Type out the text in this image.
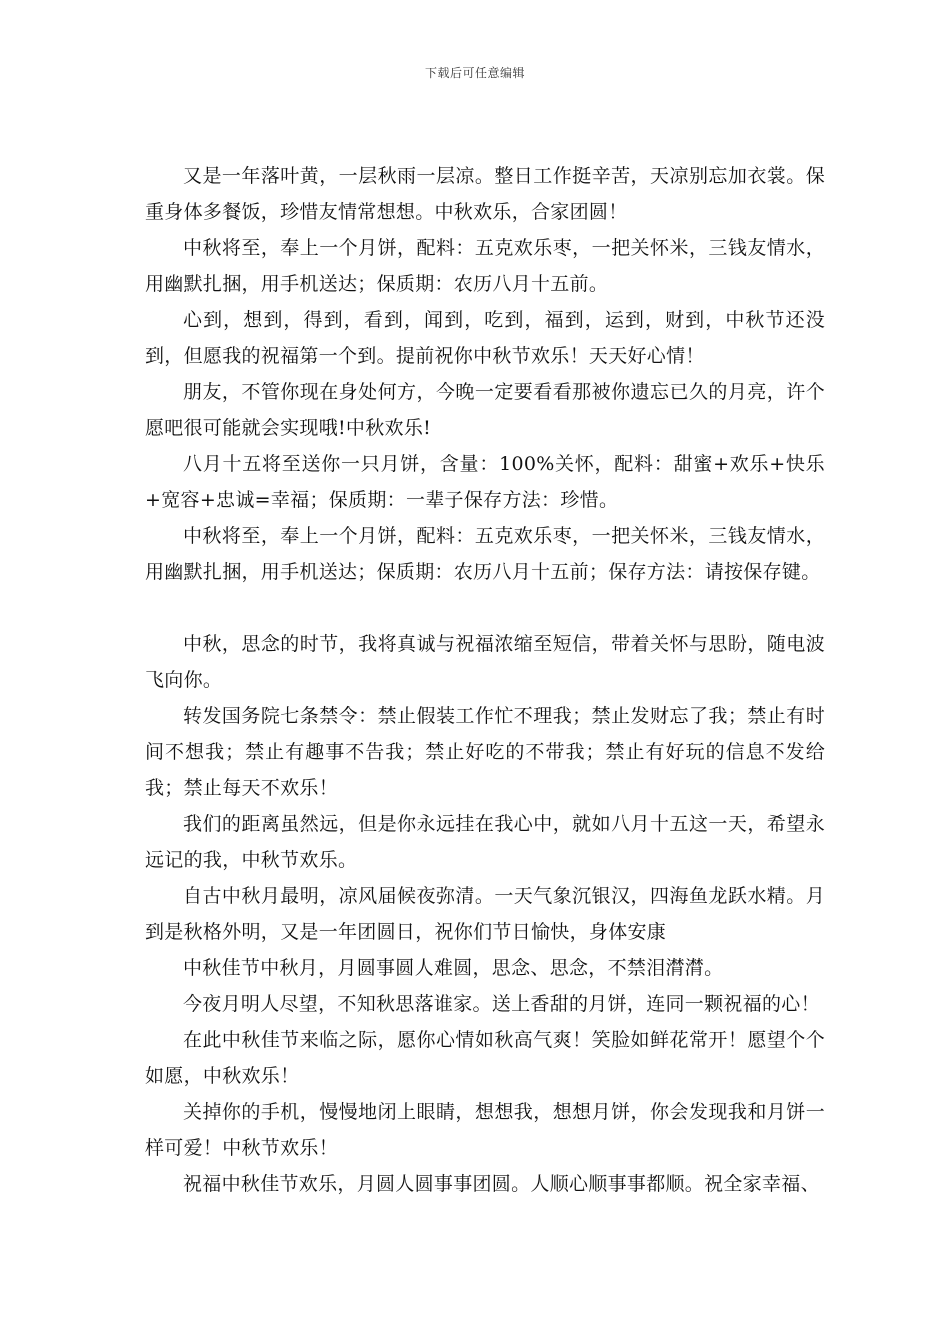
下载后可任意编辑

又是一年落叶黄，一层秋雨一层凉。整日工作挺辛苦，天凉别忘加衣裳。保重身体多餐饭，珍惜友情常想想。中秋欢乐，合家团圆！

中秋将至，奉上一个月饼，配料：五克欢乐枣，一把关怀米，三钱友情水，用幽默扎捆，用手机送达；保质期：农历八月十五前。

心到，想到，得到，看到，闻到，吃到，福到，运到，财到，中秋节还没到，但愿我的祝福第一个到。提前祝你中秋节欢乐！天天好心情！

朋友，不管你现在身处何方，今晚一定要看看那被你遗忘已久的月亮，许个愿吧很可能就会实现哦!中秋欢乐!

八月十五将至送你一只月饼，含量：100%关怀，配料：甜蜜+欢乐+快乐+宽容+忠诚=幸福；保质期：一辈子保存方法：珍惜。

中秋将至，奉上一个月饼，配料：五克欢乐枣，一把关怀米，三钱友情水，用幽默扎捆，用手机送达；保质期：农历八月十五前；保存方法：请按保存键。

中秋，思念的时节，我将真诚与祝福浓缩至短信，带着关怀与思盼，随电波飞向你。

转发国务院七条禁令：禁止假装工作忙不理我；禁止发财忘了我；禁止有时间不想我；禁止有趣事不告我；禁止好吃的不带我；禁止有好玩的信息不发给我；禁止每天不欢乐！

我们的距离虽然远，但是你永远挂在我心中，就如八月十五这一天，希望永远记的我，中秋节欢乐。

自古中秋月最明，凉风届候夜弥清。一天气象沉银汉，四海鱼龙跃水精。月到是秋格外明，又是一年团圆日，祝你们节日愉快，身体安康

中秋佳节中秋月，月圆事圆人难圆，思念、思念，不禁泪潸潸。

今夜月明人尽望，不知秋思落谁家。送上香甜的月饼，连同一颗祝福的心！

在此中秋佳节来临之际，愿你心情如秋高气爽！笑脸如鲜花常开！愿望个个如愿，中秋欢乐！

关掉你的手机，慢慢地闭上眼睛，想想我，想想月饼，你会发现我和月饼一样可爱！中秋节欢乐！

祝福中秋佳节欢乐，月圆人圆事事团圆。人顺心顺事事都顺。祝全家幸福、
